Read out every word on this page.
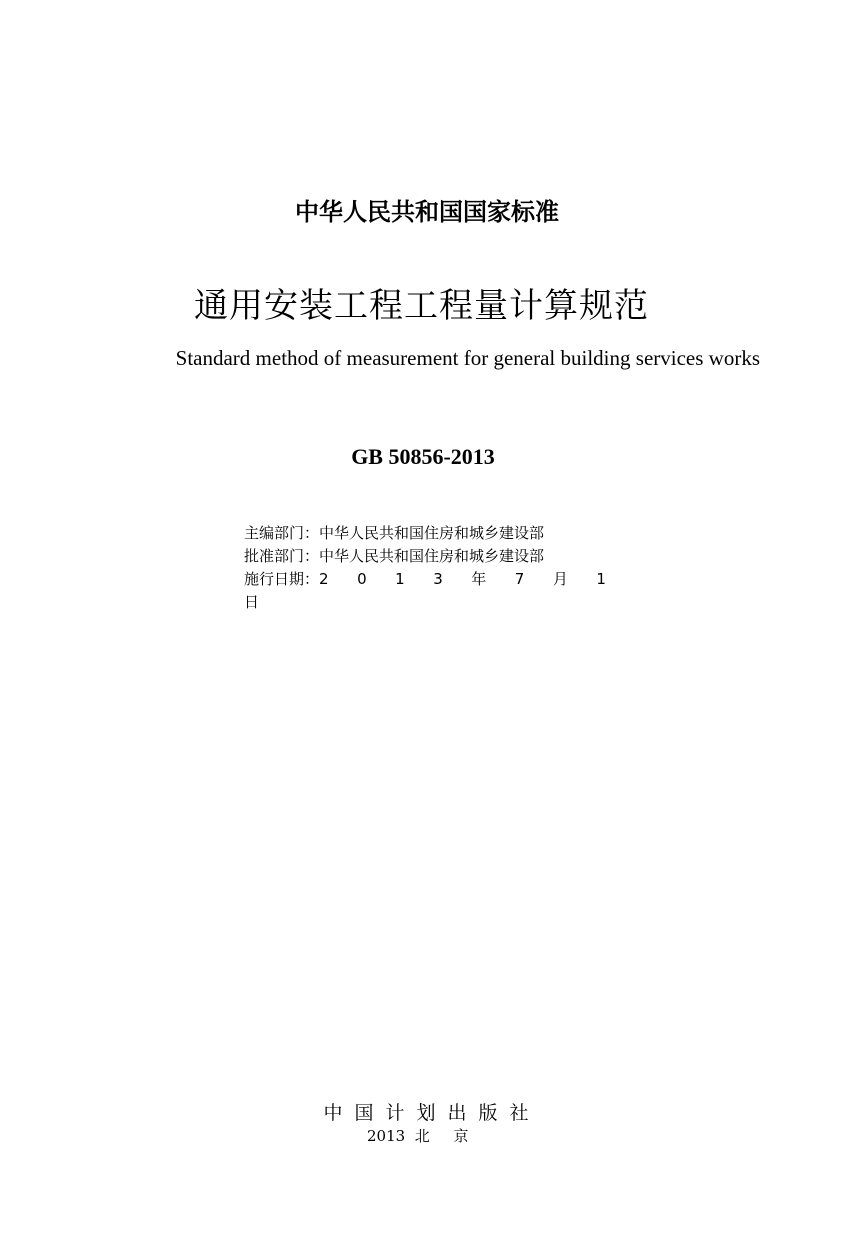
中华人民共和国国家标准
通用安装工程工程量计算规范
Standard method of measurement for general building services works
GB 50856-2013
主编部门：中华人民共和国住房和城乡建设部
批准部门：中华人民共和国住房和城乡建设部
施行日期：2 0 1 3 年 7 月 1
日
中国计划出版社
2013  北     京
